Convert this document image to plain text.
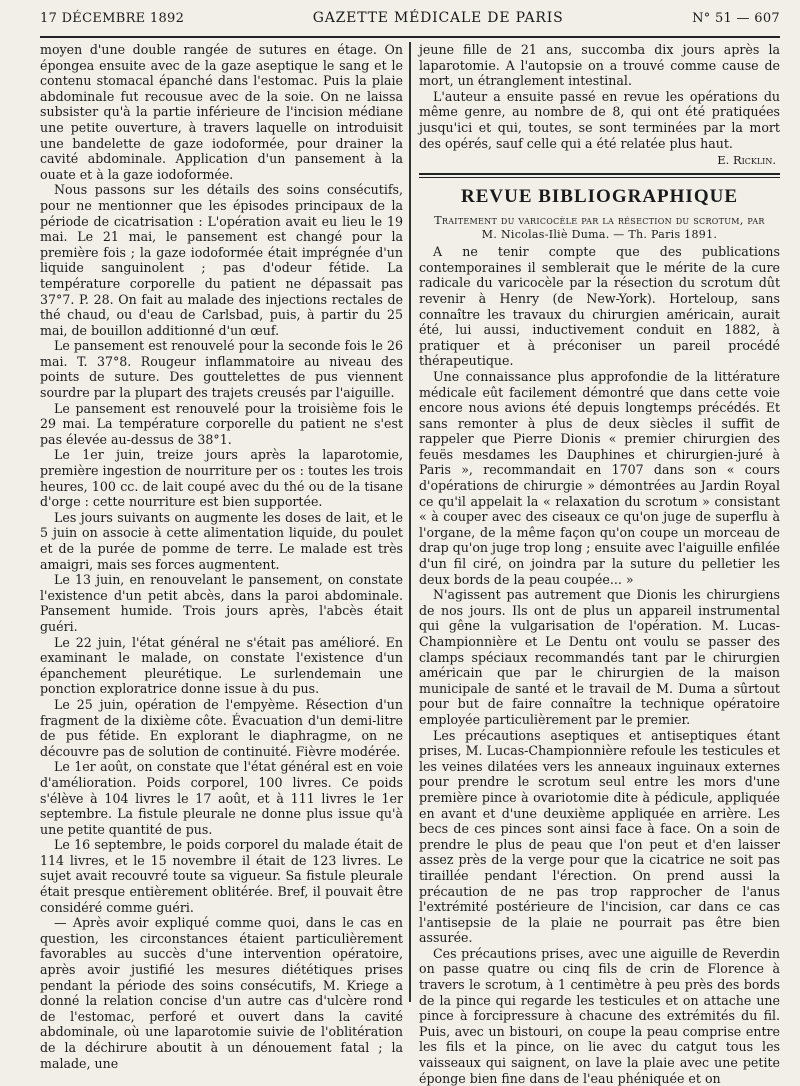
17 DÉCEMBRE 1892	GAZETTE MÉDICALE DE PARIS	N° 51 — 607

moyen d'une double rangée de sutures en étage. On épongea ensuite avec de la gaze aseptique le sang et le contenu stomacal épanché dans l'estomac. Puis la plaie abdominale fut recousue avec de la soie. On ne laissa subsister qu'à la partie inférieure de l'incision médiane une petite ouverture, à travers laquelle on introduisit une bandelette de gaze iodoformée, pour drainer la cavité abdominale. Application d'un pansement à la ouate et à la gaze iodoformée.

Nous passons sur les détails des soins consécutifs, pour ne mentionner que les épisodes principaux de la période de cicatrisation : L'opération avait eu lieu le 19 mai. Le 21 mai, le pansement est changé pour la première fois ; la gaze iodoformée était imprégnée d'un liquide sanguinolent ; pas d'odeur fétide. La température corporelle du patient ne dépassait pas 37°7. P. 28. On fait au malade des injections rectales de thé chaud, ou d'eau de Carlsbad, puis, à partir du 25 mai, de bouillon additionné d'un œuf.

Le pansement est renouvelé pour la seconde fois le 26 mai. T. 37°8. Rougeur inflammatoire au niveau des points de suture. Des gouttelettes de pus viennent sourdre par la plupart des trajets creusés par l'aiguille.

Le pansement est renouvelé pour la troisième fois le 29 mai. La température corporelle du patient ne s'est pas élevée au-dessus de 38°1.

Le 1er juin, treize jours après la laparotomie, première ingestion de nourriture per os : toutes les trois heures, 100 cc. de lait coupé avec du thé ou de la tisane d'orge : cette nourriture est bien supportée.

Les jours suivants on augmente les doses de lait, et le 5 juin on associe à cette alimentation liquide, du poulet et de la purée de pomme de terre. Le malade est très amaigri, mais ses forces augmentent.

Le 13 juin, en renouvelant le pansement, on constate l'existence d'un petit abcès, dans la paroi abdominale. Pansement humide. Trois jours après, l'abcès était guéri.

Le 22 juin, l'état général ne s'était pas amélioré. En examinant le malade, on constate l'existence d'un épanchement pleurétique. Le surlendemain une ponction exploratrice donne issue à du pus.

Le 25 juin, opération de l'empyème. Résection d'un fragment de la dixième côte. Évacuation d'un demi-litre de pus fétide. En explorant le diaphragme, on ne découvre pas de solution de continuité. Fièvre modérée.

Le 1er août, on constate que l'état général est en voie d'amélioration. Poids corporel, 100 livres. Ce poids s'élève à 104 livres le 17 août, et à 111 livres le 1er septembre. La fistule pleurale ne donne plus issue qu'à une petite quantité de pus.

Le 16 septembre, le poids corporel du malade était de 114 livres, et le 15 novembre il était de 123 livres. Le sujet avait recouvré toute sa vigueur. Sa fistule pleurale était presque entièrement oblitérée. Bref, il pouvait être considéré comme guéri.

— Après avoir expliqué comme quoi, dans le cas en question, les circonstances étaient particulièrement favorables au succès d'une intervention opératoire, après avoir justifié les mesures diététiques prises pendant la période des soins consécutifs, M. Kriege a donné la relation concise d'un autre cas d'ulcère rond de l'estomac, perforé et ouvert dans la cavité abdominale, où une laparotomie suivie de l'oblitération de la déchirure aboutit à un dénouement fatal ; la malade, une

jeune fille de 21 ans, succomba dix jours après la laparotomie. A l'autopsie on a trouvé comme cause de mort, un étranglement intestinal.

L'auteur a ensuite passé en revue les opérations du même genre, au nombre de 8, qui ont été pratiquées jusqu'ici et qui, toutes, se sont terminées par la mort des opérés, sauf celle qui a été relatée plus haut.

E. Ricklin.
REVUE BIBLIOGRAPHIQUE
Traitement du varicocèle par la résection du scrotum, par
M. Nicolas-Iliè Duma. — Th. Paris 1891.

A ne tenir compte que des publications contemporaines il semblerait que le mérite de la cure radicale du varicocèle par la résection du scrotum dût revenir à Henry (de New-York). Horteloup, sans connaître les travaux du chirurgien américain, aurait été, lui aussi, inductivement conduit en 1882, à pratiquer et à préconiser un pareil procédé thérapeutique.

Une connaissance plus approfondie de la littérature médicale eût facilement démontré que dans cette voie encore nous avions été depuis longtemps précédés. Et sans remonter à plus de deux siècles il suffit de rappeler que Pierre Dionis « premier chirurgien des feuës mesdames les Dauphines et chirurgien-juré à Paris », recommandait en 1707 dans son « cours d'opérations de chirurgie » démontrées au Jardin Royal ce qu'il appelait la « relaxation du scrotum » consistant « à couper avec des ciseaux ce qu'on juge de superflu à l'organe, de la même façon qu'on coupe un morceau de drap qu'on juge trop long ; ensuite avec l'aiguille enfilée d'un fil ciré, on joindra par la suture du pelletier les deux bords de la peau coupée... »

N'agissent pas autrement que Dionis les chirurgiens de nos jours. Ils ont de plus un appareil instrumental qui gêne la vulgarisation de l'opération. M. Lucas-Championnière et Le Dentu ont voulu se passer des clamps spéciaux recommandés tant par le chirurgien américain que par le chirurgien de la maison municipale de santé et le travail de M. Duma a sûrtout pour but de faire connaître la technique opératoire employée particulièrement par le premier.

Les précautions aseptiques et antiseptiques étant prises, M. Lucas-Championnière refoule les testicules et les veines dilatées vers les anneaux inguinaux externes pour prendre le scrotum seul entre les mors d'une première pince à ovariotomie dite à pédicule, appliquée en avant et d'une deuxième appliquée en arrière. Les becs de ces pinces sont ainsi face à face. On a soin de prendre le plus de peau que l'on peut et d'en laisser assez près de la verge pour que la cicatrice ne soit pas tiraillée pendant l'érection. On prend aussi la précaution de ne pas trop rapprocher de l'anus l'extrémité postérieure de l'incision, car dans ce cas l'antisepsie de la plaie ne pourrait pas être bien assurée.

Ces précautions prises, avec une aiguille de Reverdin on passe quatre ou cinq fils de crin de Florence à travers le scrotum, à 1 centimètre à peu près des bords de la pince qui regarde les testicules et on attache une pince à forcipressure à chacune des extrémités du fil. Puis, avec un bistouri, on coupe la peau comprise entre les fils et la pince, on lie avec du catgut tous les vaisseaux qui saignent, on lave la plaie avec une petite éponge bien fine dans de l'eau phéniquée et on
